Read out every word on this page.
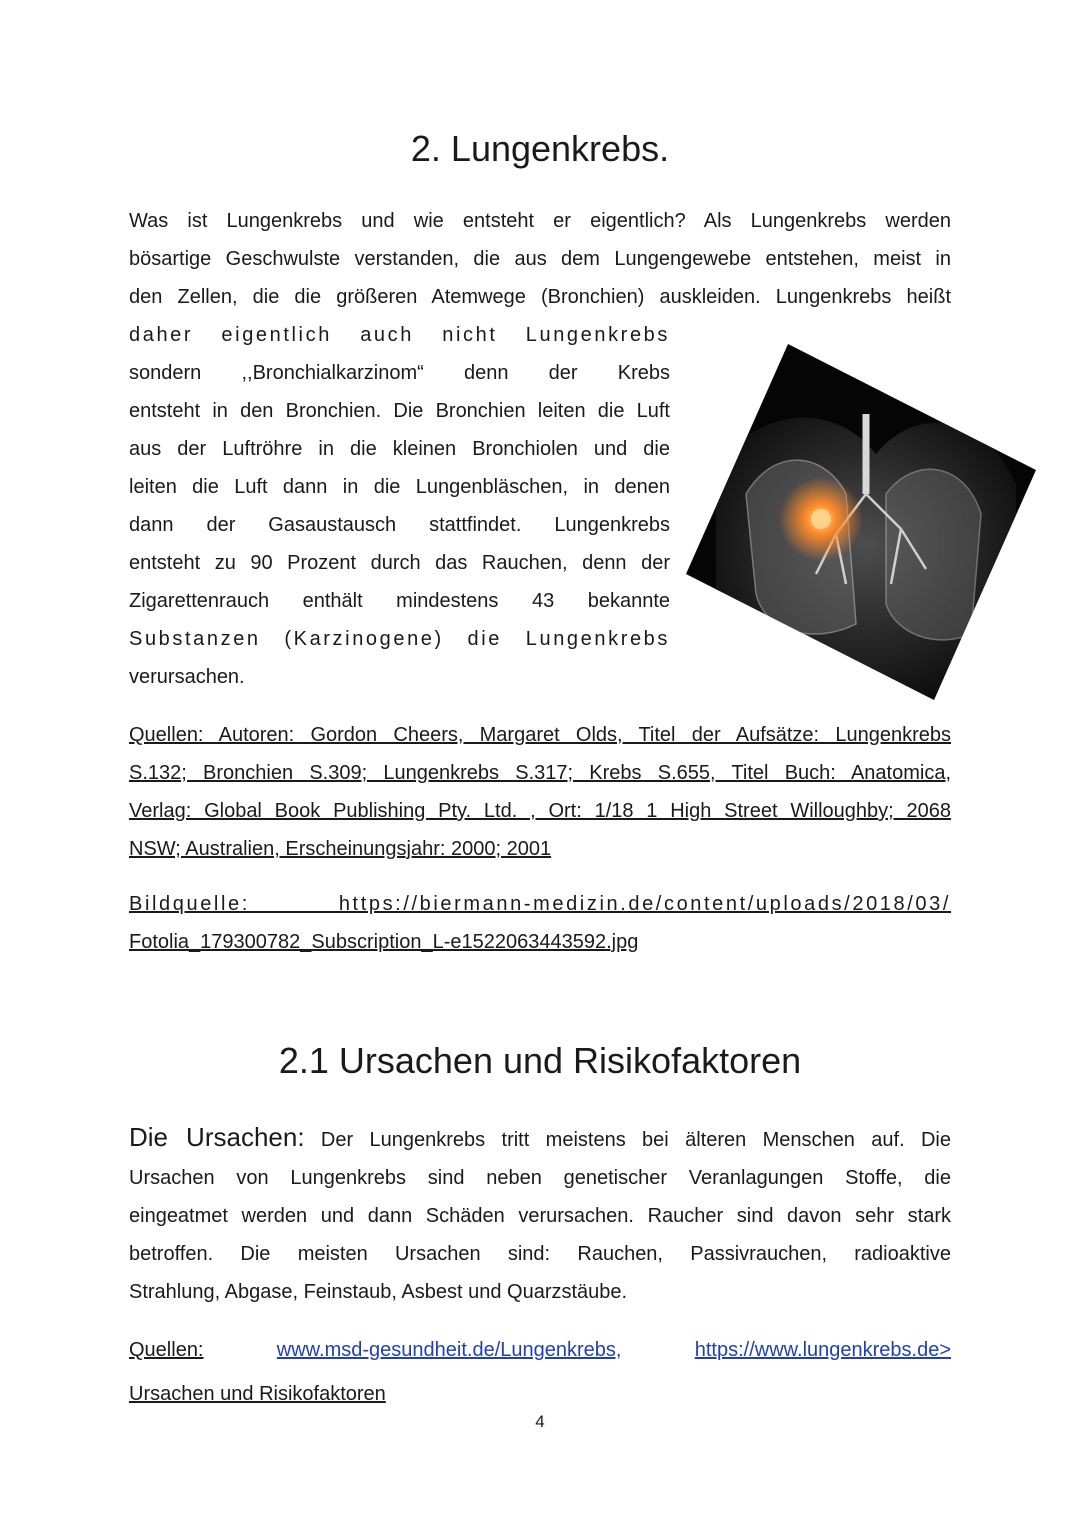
2. Lungenkrebs.
Was ist Lungenkrebs und wie entsteht er eigentlich? Als Lungenkrebs werden
bösartige Geschwulste verstanden, die aus dem Lungengewebe entstehen, meist in
den Zellen, die die größeren Atemwege (Bronchien) auskleiden. Lungenkrebs heißt
daher eigentlich auch nicht Lungenkrebs
sondern ,,Bronchialkarzinom“ denn der Krebs
entsteht in den Bronchien. Die Bronchien leiten die Luft
aus der Luftröhre in die kleinen Bronchiolen und die
leiten die Luft dann in die Lungenbläschen, in denen
dann der Gasaustausch stattfindet. Lungenkrebs
entsteht zu 90 Prozent durch das Rauchen, denn der
Zigarettenrauch enthält mindestens 43 bekannte
Substanzen (Karzinogene) die Lungenkrebs
verursachen.
Quellen: Autoren: Gordon Cheers, Margaret Olds, Titel der Aufsätze: Lungenkrebs
S.132; Bronchien S.309; Lungenkrebs S.317; Krebs S.655, Titel Buch: Anatomica,
Verlag: Global Book Publishing Pty. Ltd. , Ort: 1/18 1 High Street Willoughby; 2068
NSW; Australien, Erscheinungsjahr: 2000; 2001
Bildquelle: https://biermann-medizin.de/content/uploads/2018/03/
Fotolia_179300782_Subscription_L-e1522063443592.jpg
2.1 Ursachen und Risikofaktoren
Die Ursachen: Der Lungenkrebs tritt meistens bei älteren Menschen auf. Die
Ursachen von Lungenkrebs sind neben genetischer Veranlagungen Stoffe, die
eingeatmet werden und dann Schäden verursachen. Raucher sind davon sehr stark
betroffen. Die meisten Ursachen sind: Rauchen, Passivrauchen, radioaktive
Strahlung, Abgase, Feinstaub, Asbest und Quarzstäube.
Quellen:	www.msd-gesundheit.de/Lungenkrebs,	https://www.lungenkrebs.de>
Ursachen und Risikofaktoren
4
